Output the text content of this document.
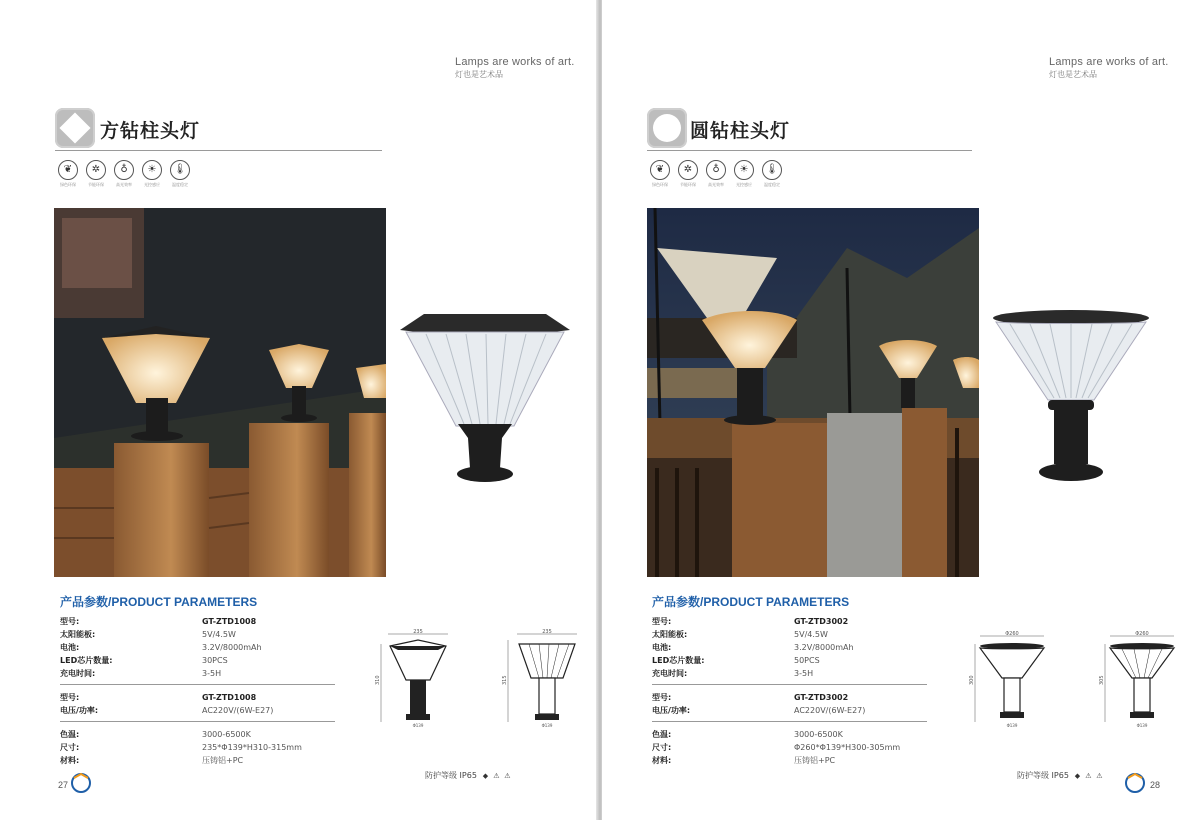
Lamps are works of art.
灯也是艺术品
方钻柱头灯
❦
绿色环保
✲
节能环保
♁
高光效率
☀
光控感应
🌡
温度稳定
产品参数/PRODUCT PARAMETERS
型号:	GT-ZTD1008
太阳能板:	5V/4.5W
电池:	3.2V/8000mAh
LED芯片数量:	30PCS
充电时间:	3-5H
型号:	GT-ZTD1008
电压/功率:	AC220V/(6W-E27)
色温:	3000-6500K
尺寸:	235*Φ139*H310-315mm
材料:	压铸铝+PC
235
310
Φ139
235
315
Φ139
防护等级 IP65 ◆ ⚠ ⚠
27
Lamps are works of art.
灯也是艺术品
圆钻柱头灯
❦
绿色环保
✲
节能环保
♁
高光效率
☀
光控感应
🌡
温度稳定
产品参数/PRODUCT PARAMETERS
型号:	GT-ZTD3002
太阳能板:	5V/4.5W
电池:	3.2V/8000mAh
LED芯片数量:	50PCS
充电时间:	3-5H
型号:	GT-ZTD3002
电压/功率:	AC220V/(6W-E27)
色温:	3000-6500K
尺寸:	Φ260*Φ139*H300-305mm
材料:	压铸铝+PC
Φ260
300
Φ139
Φ260
305
Φ139
防护等级 IP65 ◆ ⚠ ⚠
28
